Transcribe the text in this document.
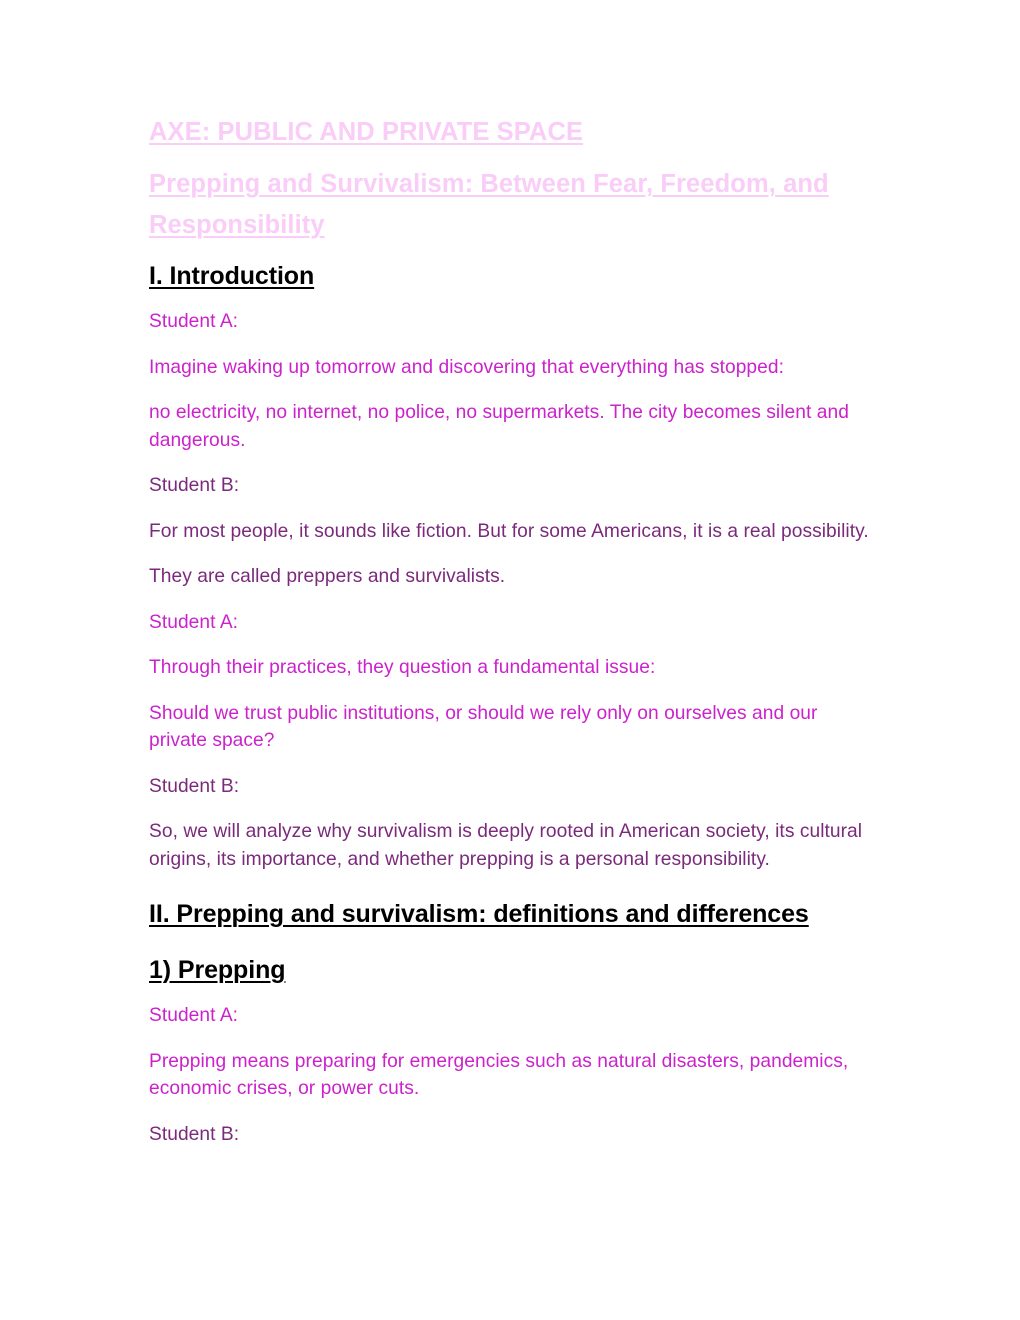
AXE: PUBLIC AND PRIVATE SPACE
Prepping and Survivalism: Between Fear, Freedom, and Responsibility
I. Introduction

Student A:

Imagine waking up tomorrow and discovering that everything has stopped:

no electricity, no internet, no police, no supermarkets. The city becomes silent and dangerous.

Student B:

For most people, it sounds like fiction. But for some Americans, it is a real possibility.

They are called preppers and survivalists.

Student A:

Through their practices, they question a fundamental issue:

Should we trust public institutions, or should we rely only on ourselves and our private space?

Student B:

So, we will analyze why survivalism is deeply rooted in American society, its cultural origins, its importance, and whether prepping is a personal responsibility.

II. Prepping and survivalism: definitions and differences
1) Prepping

Student A:

Prepping means preparing for emergencies such as natural disasters, pandemics, economic crises, or power cuts.

Student B:
